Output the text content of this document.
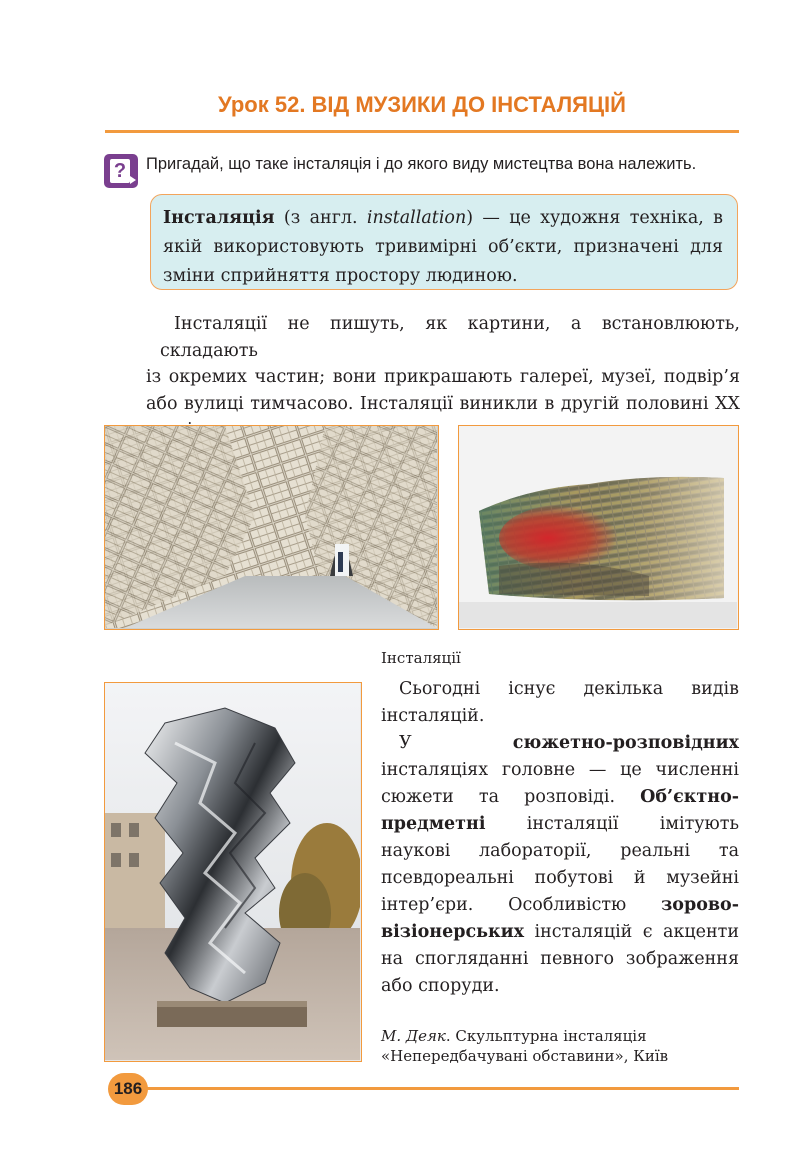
Урок 52. ВІД МУЗИКИ ДО ІНСТАЛЯЦІЙ
? Пригадай, що таке інсталяція і до якого виду мистецтва вона належить.

Інсталяція (з англ. installation) — це художня техніка, в якій використовують тривимірні об’єкти, призначені для зміни сприйняття простору людиною.

Інсталяції не пишуть, як картини, а встановлюють, складають
із окремих частин; вони прикрашають галереї, музеї, подвір’я або вулиці тимчасово. Інсталяції виникли в другій половині XX

Інсталяції

Сьогодні існує декілька видів інсталяцій.
У сюжетно-розповідних інсталяціях головне — це численні сюжети та розповіді. Об’єктно-предметні інсталяції імітують наукові лабораторії, реальні та псевдореальні побутові й музейні інтер’єри. Особливістю зорово-візіонерських інсталяцій є акценти на спогляданні певного зображення або споруди.

М. Деяк. Скульптурна інсталяція «Непередбачувані обставини», Київ

186
